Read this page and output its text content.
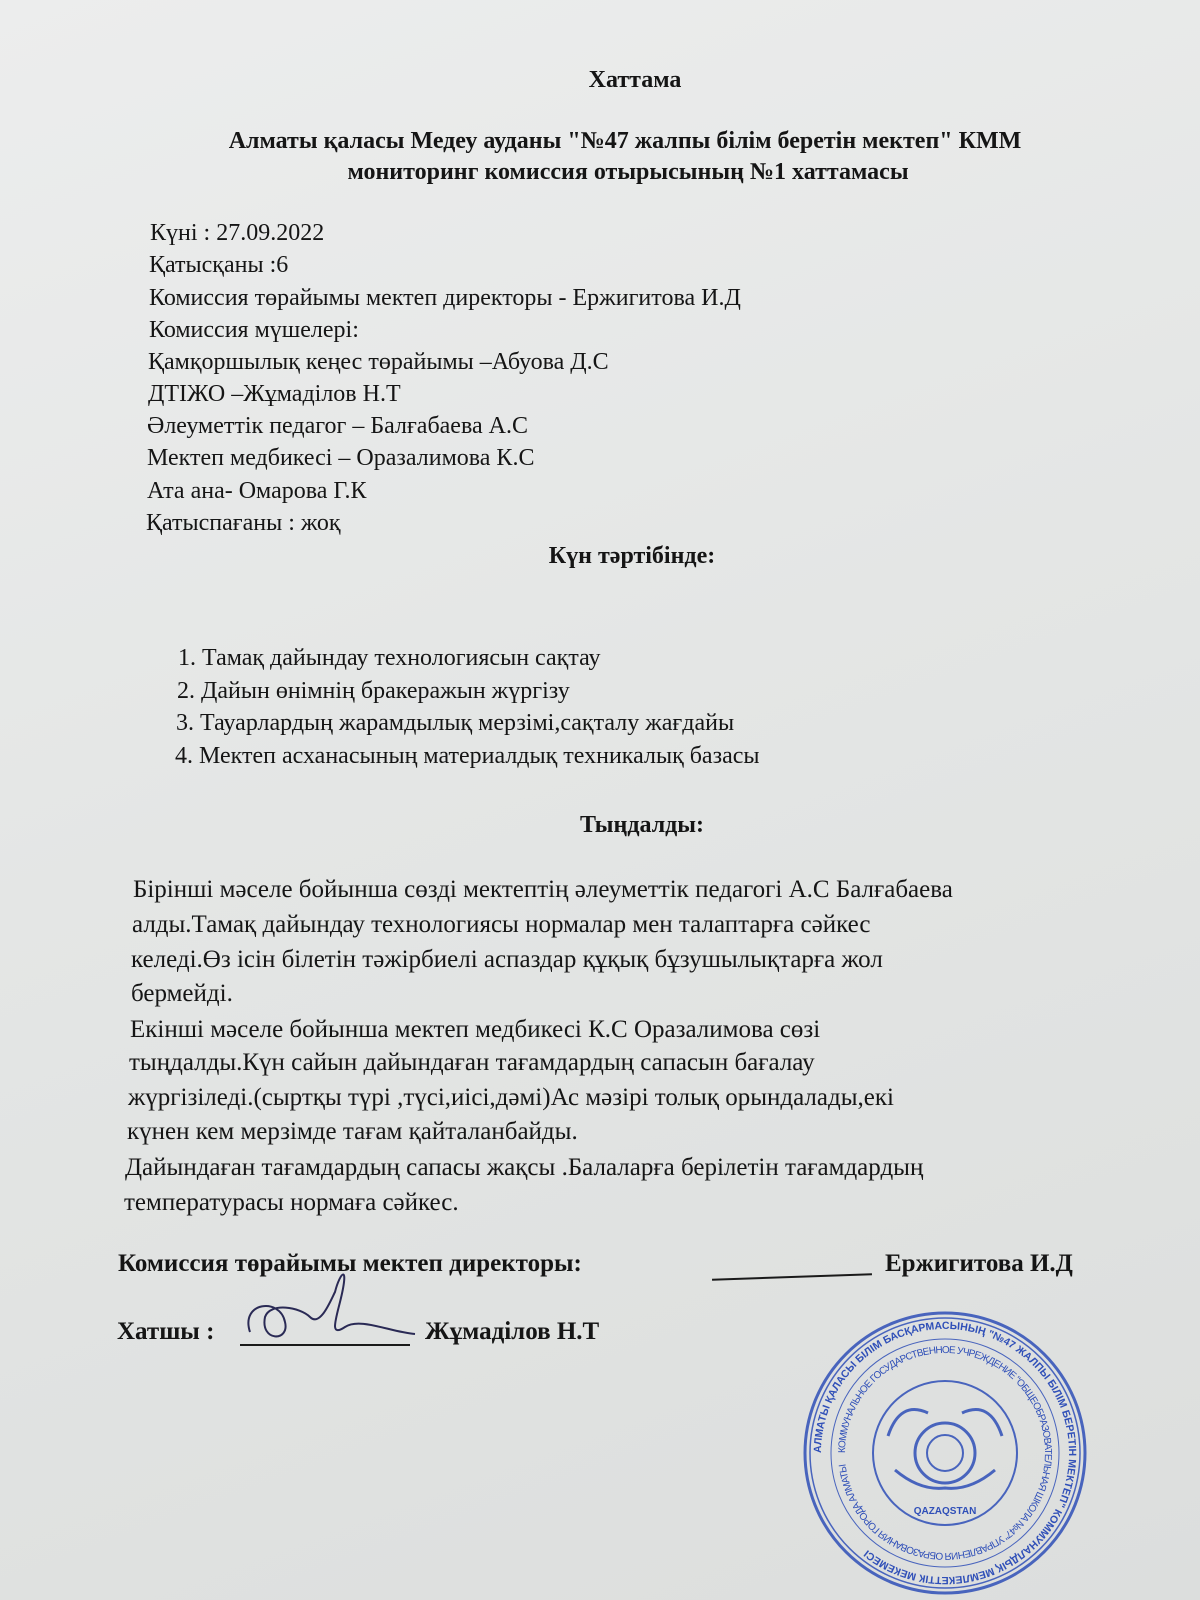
Хаттама
Алматы қаласы Медеу ауданы "№47 жалпы білім беретін мектеп" КММ
мониторинг комиссия отырысының №1 хаттамасы
Күні : 27.09.2022
Қатысқаны :6
Комиссия төрайымы мектеп директоры - Ержигитова И.Д
Комиссия мүшелері:
Қамқоршылық кеңес төрайымы –Абуова Д.С
ДТІЖО –Жұмаділов Н.Т
Әлеуметтік педагог – Балғабаева А.С
Мектеп медбикесі – Оразалимова К.С
Ата ана- Омарова Г.К
Қатыспағаны : жоқ
Күн тәртібінде:
1. Тамақ дайындау технологиясын сақтау
2. Дайын өнімнің бракеражын жүргізу
3. Тауарлардың жарамдылық мерзімі,сақталу жағдайы
4. Мектеп асханасының материалдық техникалық базасы
Тыңдалды:
Бірінші мәселе бойынша сөзді мектептің әлеуметтік педагогі А.С Балғабаева
алды.Тамақ дайындау технологиясы нормалар мен талаптарға сәйкес
келеді.Өз ісін білетін тәжірбиелі аспаздар құқық бұзушылықтарға жол
бермейді.
Екінші мәселе бойынша мектеп медбикесі К.С Оразалимова сөзі
тыңдалды.Күн сайын дайындаған тағамдардың сапасын бағалау
жүргізіледі.(сыртқы түрі ,түсі,иісі,дәмі)Ас мәзірі толық орындалады,екі
күнен кем мерзімде тағам қайталанбайды.
Дайындаған тағамдардың сапасы жақсы .Балаларға берілетін тағамдардың
температурасы нормаға сәйкес.
АЛМАТЫ ҚАЛАСЫ БІЛІМ БАСҚАРМАСЫНЫҢ "№47 ЖАЛПЫ БІЛІМ БЕРЕТІН МЕКТЕП" КОММУНАЛДЫҚ МЕМЛЕКЕТТІК МЕКЕМЕСІ
КОММУНАЛЬНОЕ ГОСУДАРСТВЕННОЕ УЧРЕЖДЕНИЕ "ОБЩЕОБРАЗОВАТЕЛЬНАЯ ШКОЛА №47" УПРАВЛЕНИЯ ОБРАЗОВАНИЯ ГОРОДА АЛМАТЫ
QAZAQSTAN
Комиссия төрайымы мектеп директоры:	Ержигитова И.Д
Хатшы :	Жұмаділов Н.Т
